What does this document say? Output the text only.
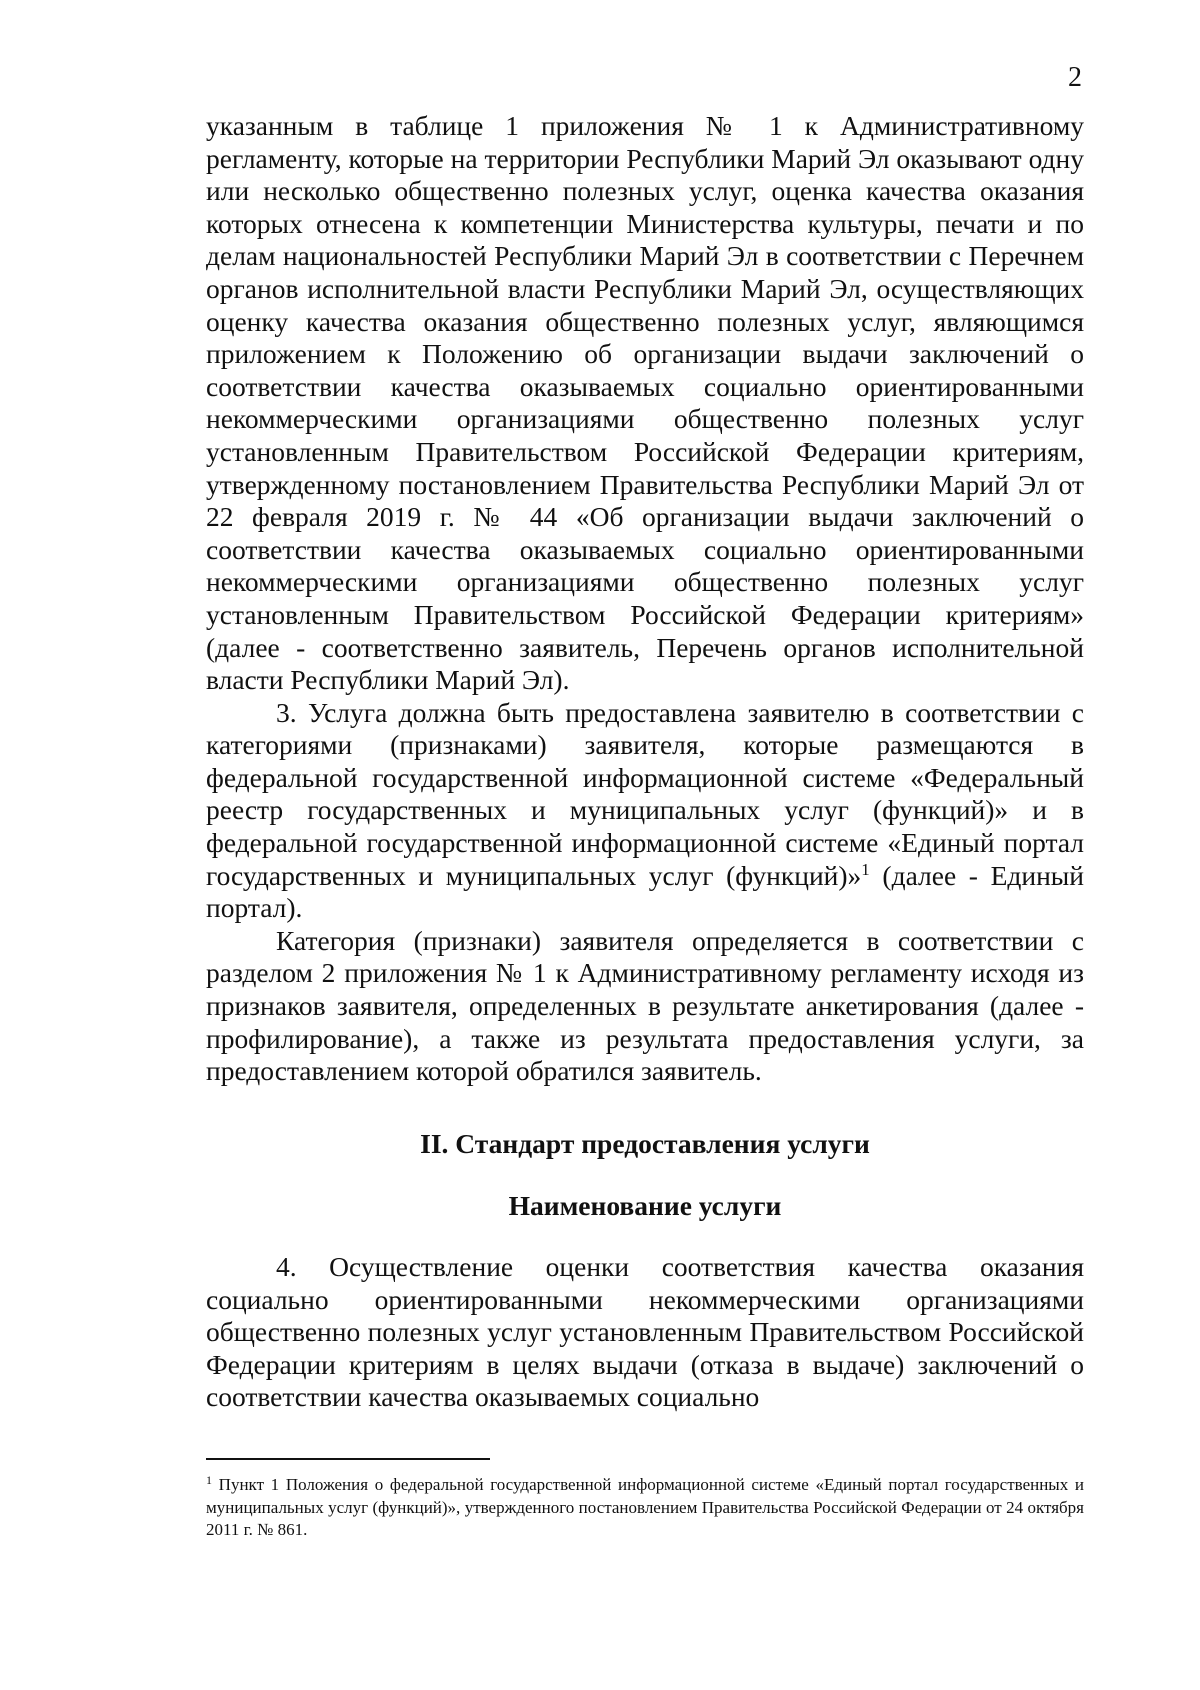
2

указанным в таблице 1 приложения № 1 к Административному регламенту, которые на территории Республики Марий Эл оказывают одну или несколько общественно полезных услуг, оценка качества оказания которых отнесена к компетенции Министерства культуры, печати и по делам национальностей Республики Марий Эл в соответствии с Перечнем органов исполнительной власти Республики Марий Эл, осуществляющих оценку качества оказания общественно полезных услуг, являющимся приложением к Положению об организации выдачи заключений о соответствии качества оказываемых социально ориентированными некоммерческими организациями общественно полезных услуг установленным Правительством Российской Федерации критериям, утвержденному постановлением Правительства Республики Марий Эл от 22 февраля 2019 г. № 44 «Об организации выдачи заключений о соответствии качества оказываемых социально ориентированными некоммерческими организациями общественно полезных услуг установленным Правительством Российской Федерации критериям» (далее - соответственно заявитель, Перечень органов исполнительной власти Республики Марий Эл).

3. Услуга должна быть предоставлена заявителю в соответствии с категориями (признаками) заявителя, которые размещаются в федеральной государственной информационной системе «Федеральный реестр государственных и муниципальных услуг (функций)» и в федеральной государственной информационной системе «Единый портал государственных и муниципальных услуг (функций)»$^1$ (далее - Единый портал).

Категория (признаки) заявителя определяется в соответствии с разделом 2 приложения № 1 к Административному регламенту исходя из признаков заявителя, определенных в результате анкетирования (далее - профилирование), а также из результата предоставления услуги, за предоставлением которой обратился заявитель.

II. Стандарт предоставления услуги
Наименование услуги

4. Осуществление оценки соответствия качества оказания социально ориентированными некоммерческими организациями общественно полезных услуг установленным Правительством Российской Федерации критериям в целях выдачи (отказа в выдаче) заключений о соответствии качества оказываемых социально

$^1$ Пункт 1 Положения о федеральной государственной информационной системе «Единый портал государственных и муниципальных услуг (функций)», утвержденного постановлением Правительства Российской Федерации от 24 октября 2011 г. № 861.
